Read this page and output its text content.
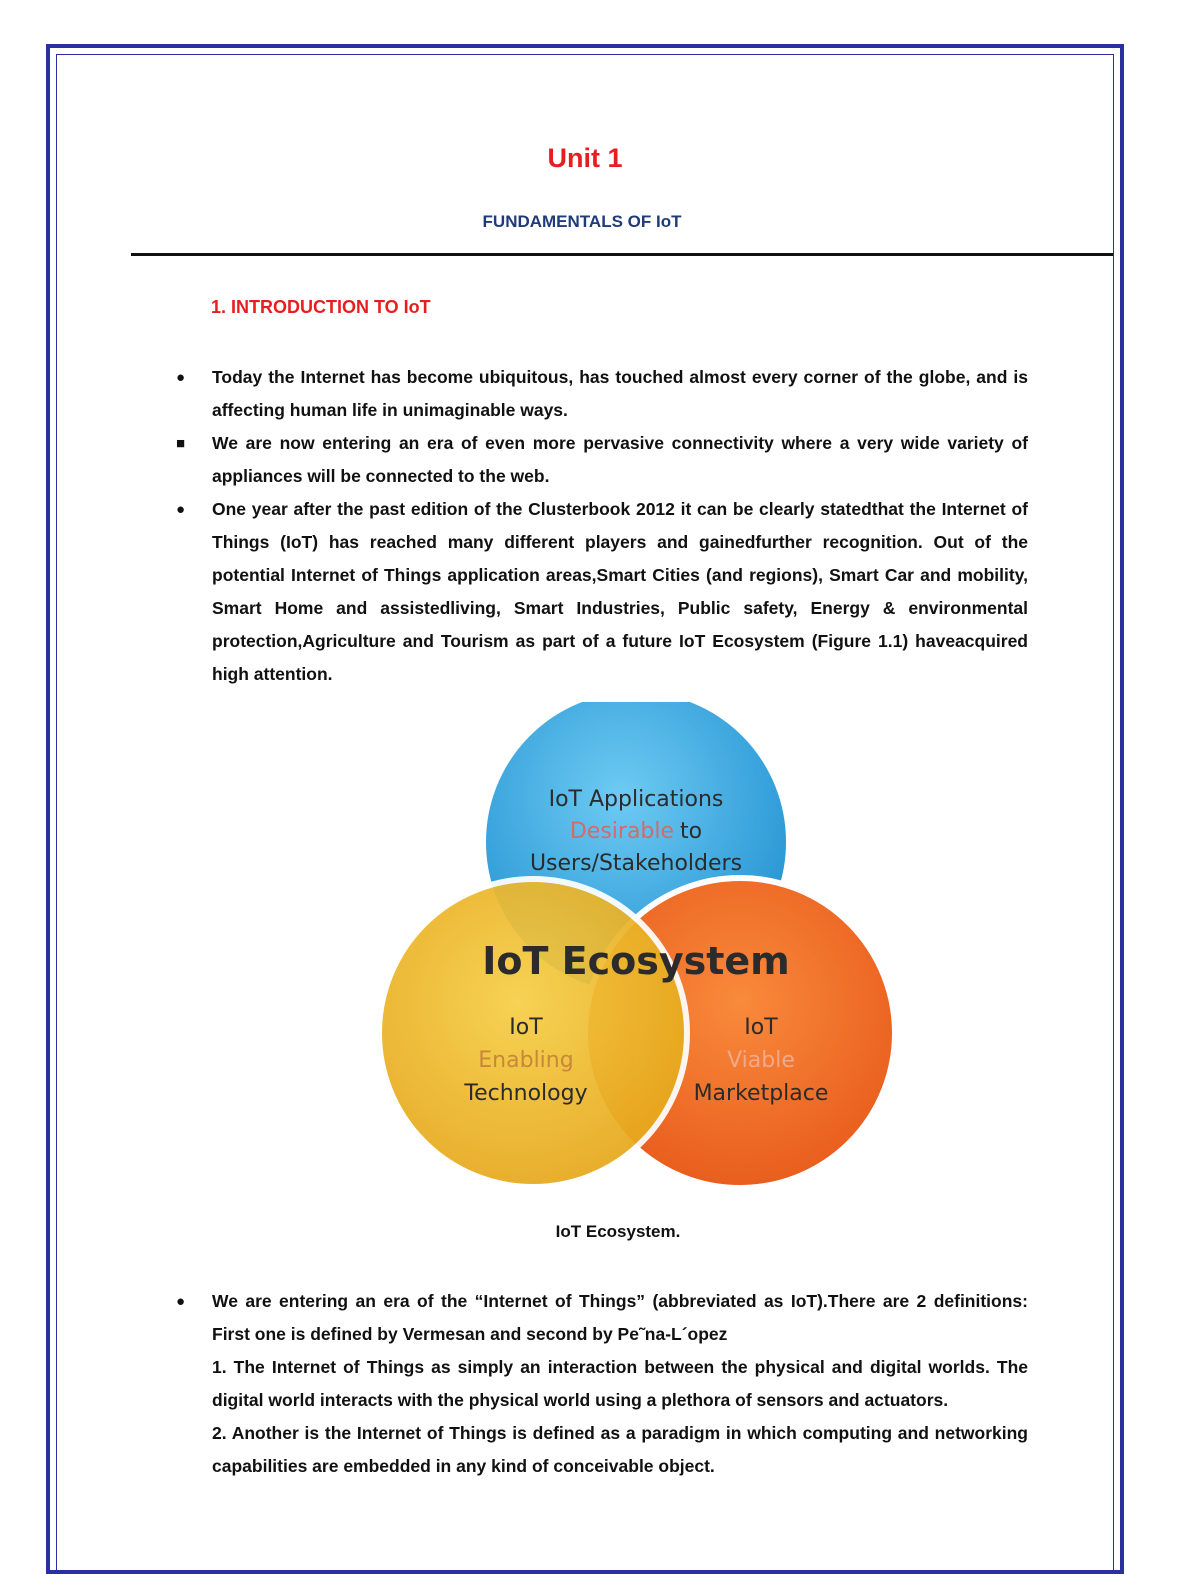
Unit 1
FUNDAMENTALS OF IoT
1. INTRODUCTION TO IoT
● Today the Internet has become ubiquitous, has touched almost every corner of the globe, and is affecting human life in unimaginable ways.

■ We are now entering an era of even more pervasive connectivity where a very wide variety of appliances will be connected to the web.

● One year after the past edition of the Clusterbook 2012 it can be clearly statedthat the Internet of Things (IoT) has reached many different players and gainedfurther recognition. Out of the potential Internet of Things application areas,Smart Cities (and regions), Smart Car and mobility, Smart Home and assistedliving, Smart Industries, Public safety, Energy & environmental protection,Agriculture and Tourism as part of a future IoT Ecosystem (Figure 1.1) haveacquired high attention.

IoT Applications
Desirable to
Users/Stakeholders
IoT Ecosystem
IoT
Enabling
Technology
IoT
Viable
Marketplace
IoT Ecosystem.
● We are entering an era of the “Internet of Things” (abbreviated as IoT).There are 2 definitions: First one is defined by Vermesan and second by Pe˜na-L´opez

1. The Internet of Things as simply an interaction between the physical and digital worlds. The digital world interacts with the physical world using a plethora of sensors and actuators.

2. Another is the Internet of Things is defined as a paradigm in which computing and networking capabilities are embedded in any kind of conceivable object.
